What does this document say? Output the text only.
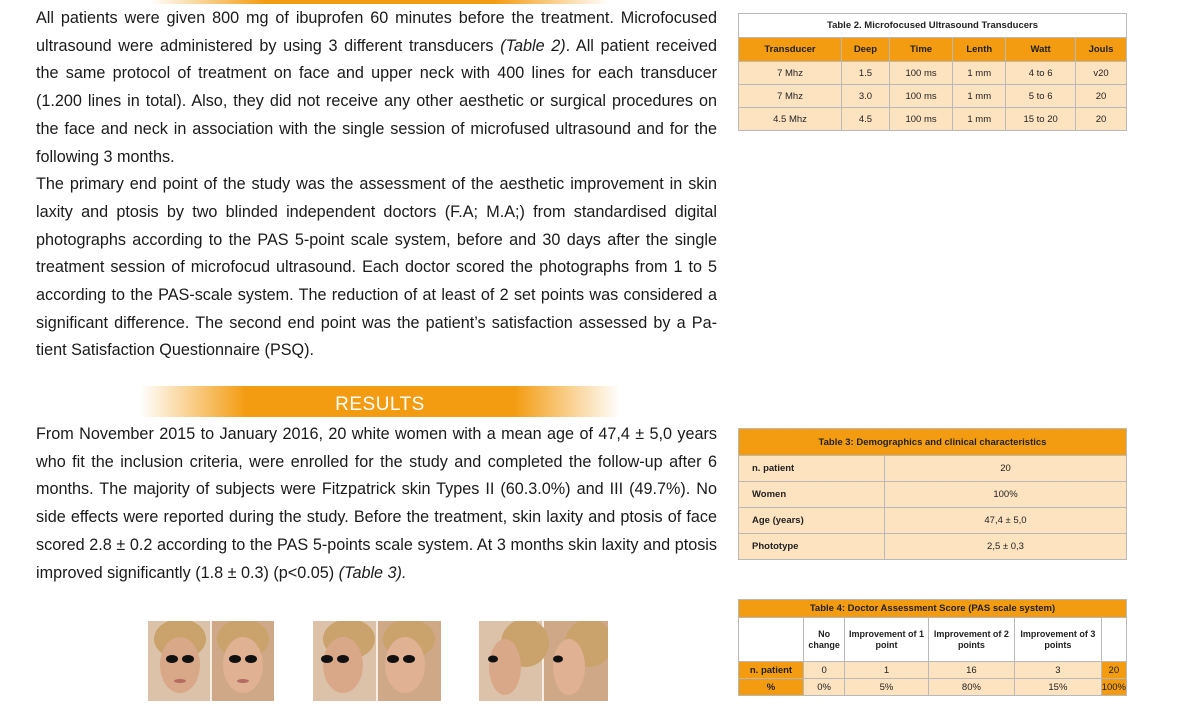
All patients were given 800 mg of ibuprofen 60 minutes before the treatment. Microfocused ultrasound were administered by using 3 different transducers (Table 2). All patient received the same protocol of treatment on face and upper neck with 400 lines for each transducer (1.200 lines in total). Also, they did not receive any other aesthetic or surgical procedures on the face and neck in association with the single session of microfused ultrasound and for the following 3 months.

The primary end point of the study was the assessment of the aesthetic improvement in skin laxity and ptosis by two blinded independent doctors (F.A; M.A;) from standardised digital photographs according to the PAS 5-point scale system, before and 30 days after the single treatment session of microfocud ultrasound. Each doctor scored the photographs from 1 to 5 according to the PAS-scale system. The reduction of at least of 2 set points was considered a significant difference. The second end point was the patient’s satisfaction assessed by a Pa-tient Satisfaction Questionnaire (PSQ).

RESULTS

From November 2015 to January 2016, 20 white women with a mean age of 47,4 ± 5,0 years who fit the inclusion criteria, were enrolled for the study and completed the follow-up after 6 months. The majority of subjects were Fitzpatrick skin Types II (60.3.0%) and III (49.7%). No side effects were reported during the study. Before the treatment, skin laxity and ptosis of face scored 2.8 ± 0.2 according to the PAS 5-points scale system. At 3 months skin laxity and ptosis improved significantly (1.8 ± 0.3) (p<0.05) (Table 3).

Table 2. Microfocused Ultrasound Transducers					
Transducer	Deep	Time	Lenth	Watt	Jouls
7 Mhz	1.5	100 ms	1 mm	4 to 6	v20
7 Mhz	3.0	100 ms	1 mm	5 to 6	20
4.5 Mhz	4.5	100 ms	1 mm	15 to 20	20
Table 3: Demographics and clinical characteristics	
n. patient	20
Women	100%
Age (years)	47,4 ± 5,0
Phototype	2,5 ± 0,3
Table 4: Doctor Assessment Score (PAS scale system)					
	No change	Improvement of 1 point	Improvement of 2 points	Improvement of 3 points	
n. patient	0	1	16	3	20
%	0%	5%	80%	15%	100%
